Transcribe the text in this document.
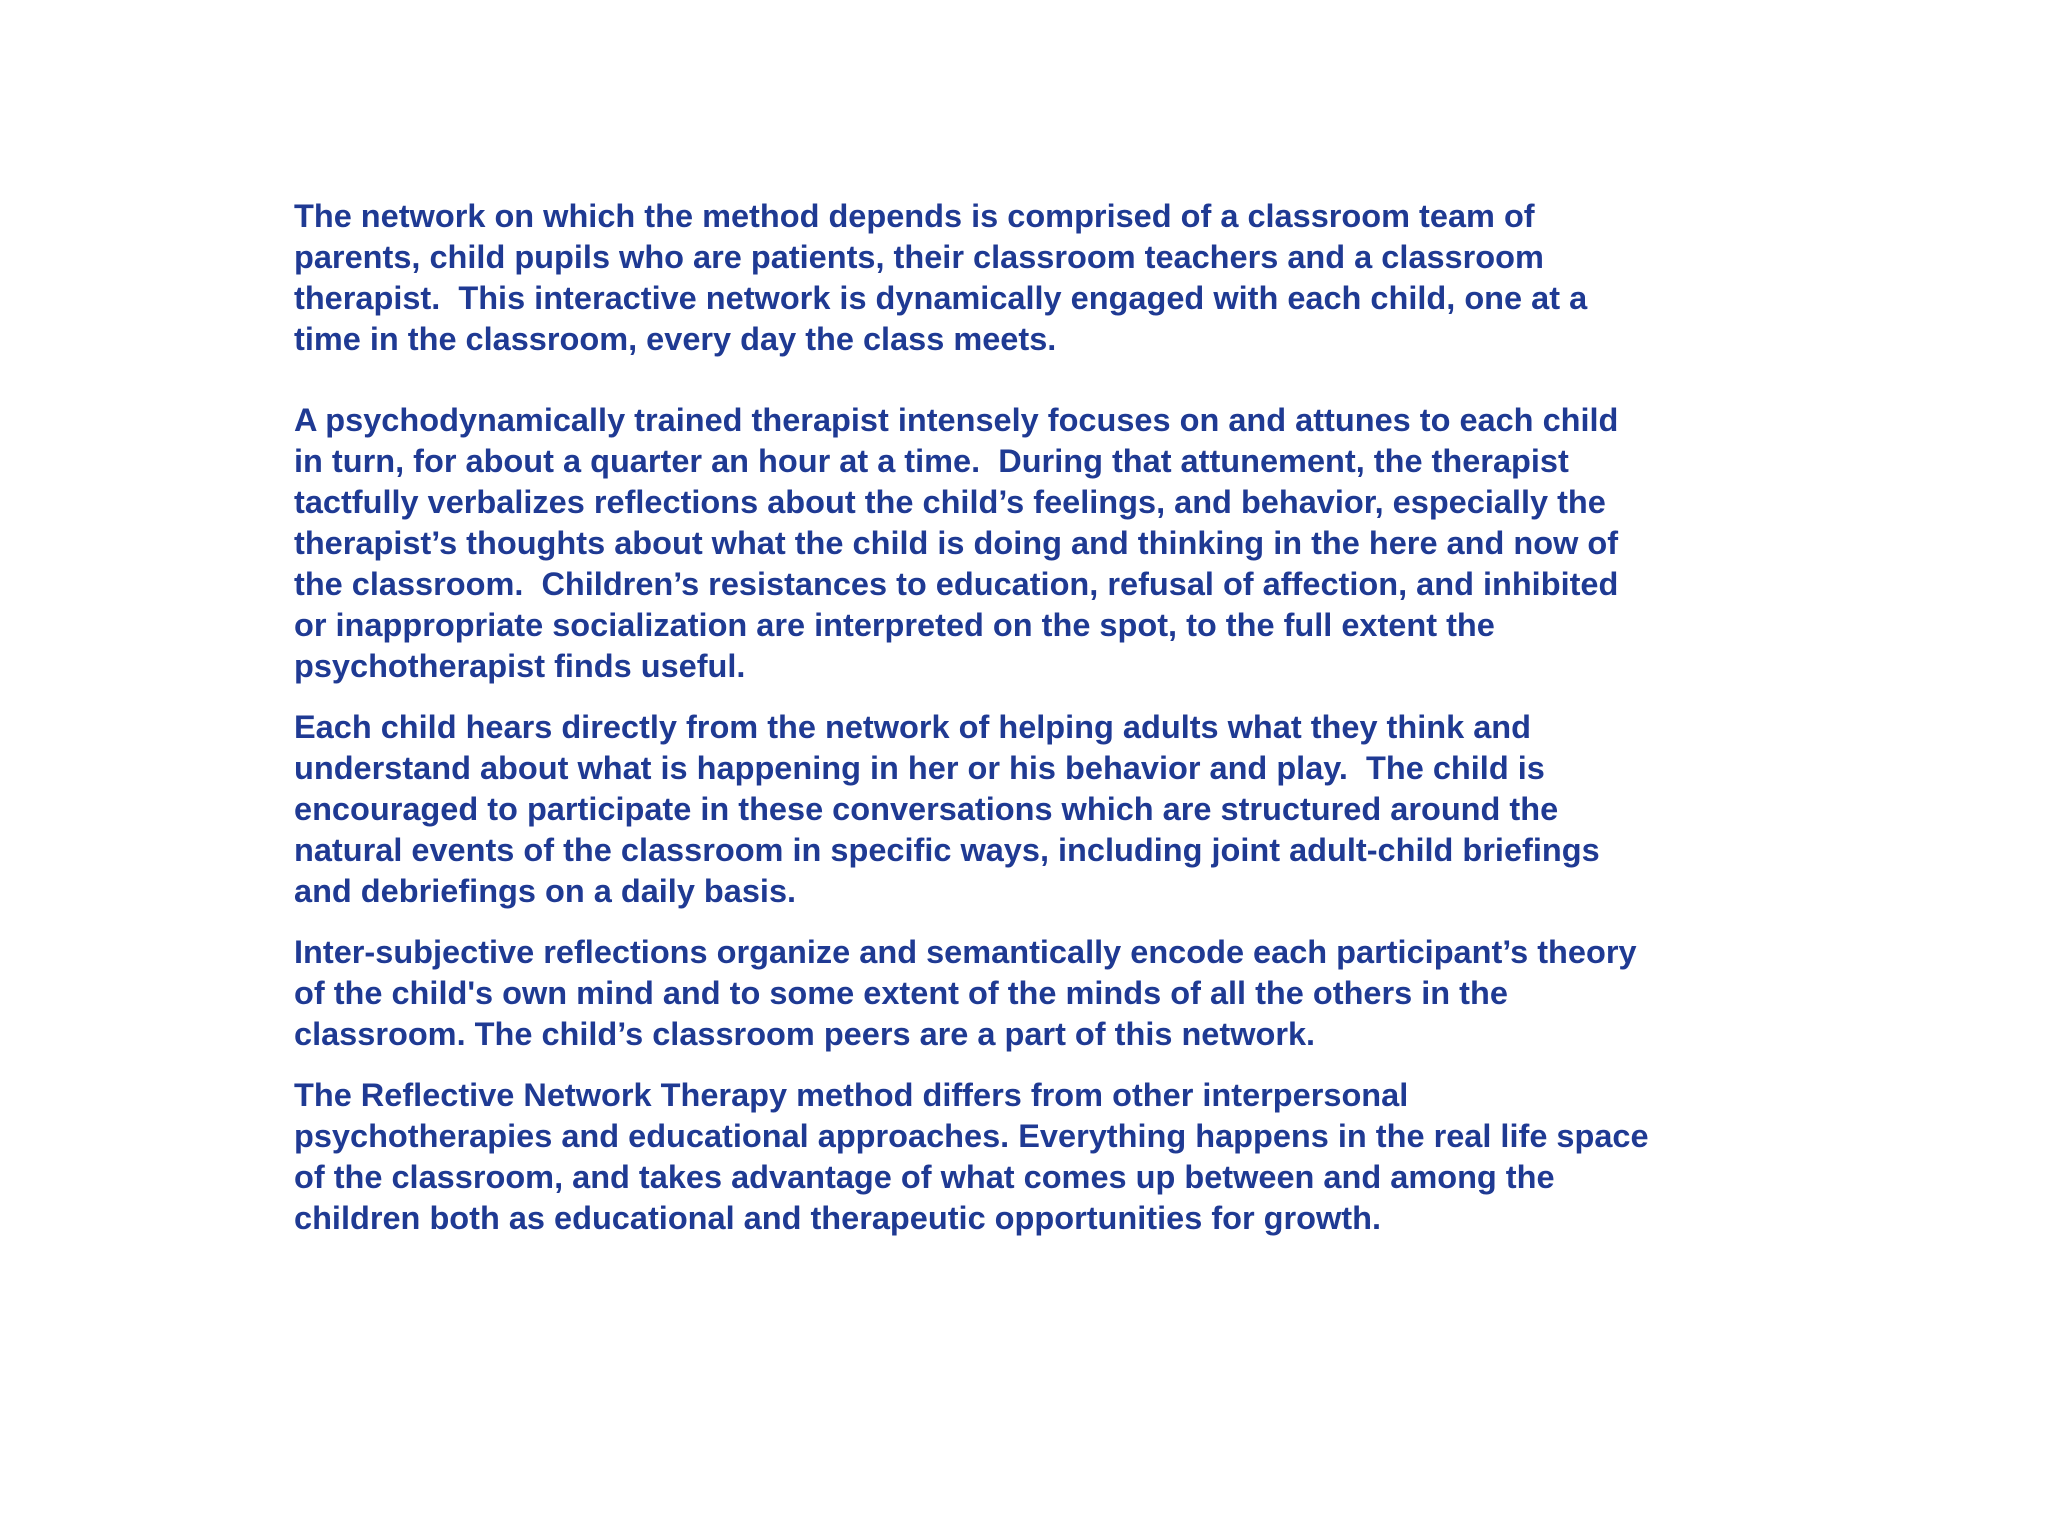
The network on which the method depends is comprised of a classroom team of
parents, child pupils who are patients, their classroom teachers and a classroom
therapist.  This interactive network is dynamically engaged with each child, one at a
time in the classroom, every day the class meets.

A psychodynamically trained therapist intensely focuses on and attunes to each child
in turn, for about a quarter an hour at a time.  During that attunement, the therapist
tactfully verbalizes reflections about the child’s feelings, and behavior, especially the
therapist’s thoughts about what the child is doing and thinking in the here and now of
the classroom.  Children’s resistances to education, refusal of affection, and inhibited
or inappropriate socialization are interpreted on the spot, to the full extent the
psychotherapist finds useful.

Each child hears directly from the network of helping adults what they think and
understand about what is happening in her or his behavior and play.  The child is
encouraged to participate in these conversations which are structured around the
natural events of the classroom in specific ways, including joint adult-child briefings
and debriefings on a daily basis.

Inter-subjective reflections organize and semantically encode each participant’s theory
of the child's own mind and to some extent of the minds of all the others in the
classroom. The child’s classroom peers are a part of this network.

The Reflective Network Therapy method differs from other interpersonal
psychotherapies and educational approaches. Everything happens in the real life space
of the classroom, and takes advantage of what comes up between and among the
children both as educational and therapeutic opportunities for growth.
